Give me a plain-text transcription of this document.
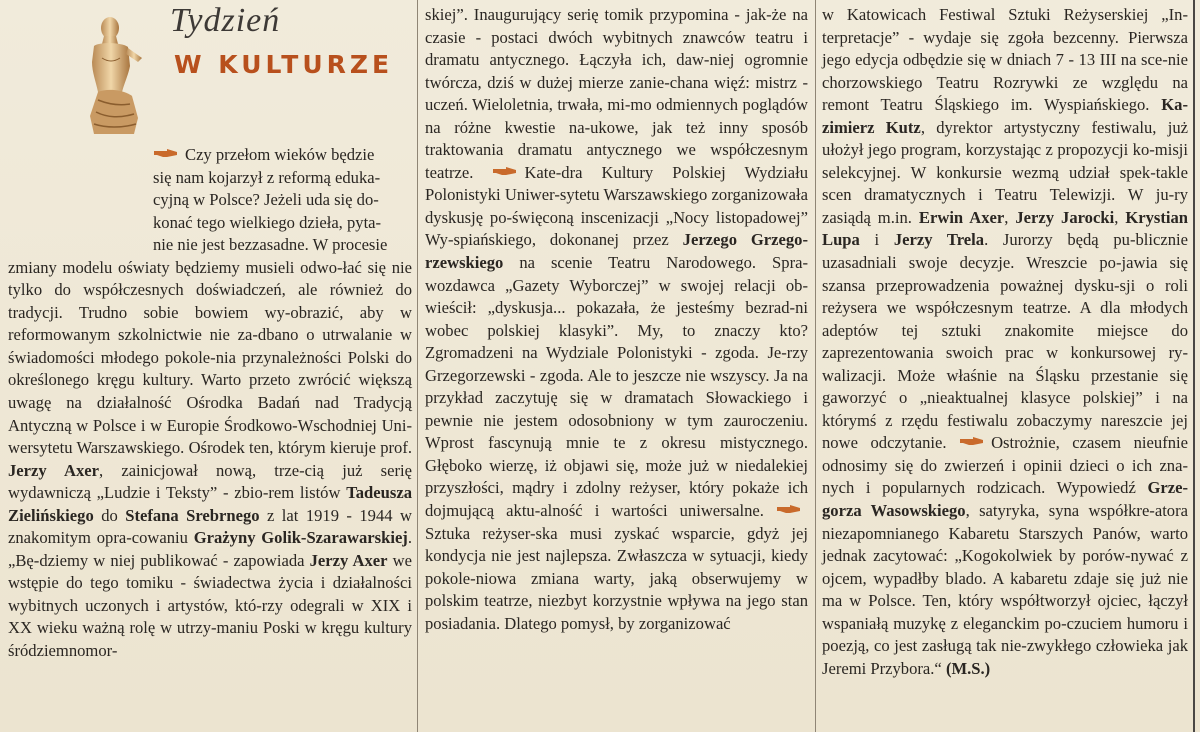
Tydzień
W KULTURZE

Czy przełom wieków będzie

się nam kojarzył z reformą eduka-

cyjną w Polsce? Jeżeli uda się do-

konać tego wielkiego dzieła, pyta-

nie nie jest bezzasadne. W procesie

zmiany modelu oświaty będziemy musieli odwo-łać się nie tylko do współczesnych doświadczeń, ale również do tradycji. Trudno sobie bowiem wy-obrazić, aby w reformowanym szkolnictwie nie za-dbano o utrwalanie w świadomości młodego pokole-nia przynależności Polski do określonego kręgu kultury. Warto przeto zwrócić większą uwagę na działalność Ośrodka Badań nad Tradycją Antyczną w Polsce i w Europie Środkowo-Wschodniej Uni-wersytetu Warszawskiego. Ośrodek ten, którym kieruje prof. Jerzy Axer, zainicjował nową, trze-cią już serię wydawniczą „Ludzie i Teksty” - zbio-rem listów Tadeusza Zielińskiego do Stefana Srebrnego z lat 1919 - 1944 w znakomitym opra-cowaniu Grażyny Golik-Szarawarskiej. „Bę-dziemy w niej publikować - zapowiada Jerzy Axer we wstępie do tego tomiku - świadectwa życia i działalności wybitnych uczonych i artystów, któ-rzy odegrali w XIX i XX wieku ważną rolę w utrzy-maniu Poski w kręgu kultury śródziemnomor-

skiej”. Inaugurujący serię tomik przypomina - jak-że na czasie - postaci dwóch wybitnych znawców teatru i dramatu antycznego. Łączyła ich, daw-niej ogromnie twórcza, dziś w dużej mierze zanie-chana więź: mistrz - uczeń. Wieloletnia, trwała, mi-mo odmiennych poglądów na różne kwestie na-ukowe, jak też inny sposób traktowania dramatu antycznego we współczesnym teatrze.	Kate-dra Kultury Polskiej Wydziału Polonistyki Uniwer-sytetu Warszawskiego zorganizowała dyskusję po-święconą inscenizacji „Nocy listopadowej” Wy-spiańskiego, dokonanej przez Jerzego Grzego-rzewskiego na scenie Teatru Narodowego. Spra-wozdawca „Gazety Wyborczej” w swojej relacji ob-wieścił: „dyskusja... pokazała, że jesteśmy bezrad-ni wobec polskiej klasyki”. My, to znaczy kto? Zgromadzeni na Wydziale Polonistyki - zgoda. Je-rzy Grzegorzewski - zgoda. Ale to jeszcze nie wszyscy. Ja na przykład zaczytuję się w dramatach Słowackiego i pewnie nie jestem odosobniony w tym zauroczeniu. Wprost fascynują mnie te z okresu mistycznego. Głęboko wierzę, iż objawi się, może już w niedalekiej przyszłości, mądry i zdolny reżyser, który pokaże ich dojmującą aktu-alność i wartości uniwersalne. Sztuka reżyser-ska musi zyskać wsparcie, gdyż jej kondycja nie jest najlepsza. Zwłaszcza w sytuacji, kiedy pokole-niowa zmiana warty, jaką obserwujemy w polskim teatrze, niezbyt korzystnie wpływa na jego stan posiadania. Dlatego pomysł, by zorganizować

w Katowicach Festiwal Sztuki Reżyserskiej „In-terpretacje” - wydaje się zgoła bezcenny. Pierwsza jego edycja odbędzie się w dniach 7 - 13 III na sce-nie chorzowskiego Teatru Rozrywki ze względu na remont Teatru Śląskiego im. Wyspiańskiego. Ka-zimierz Kutz, dyrektor artystyczny festiwalu, już ułożył jego program, korzystając z propozycji ko-misji selekcyjnej. W konkursie wezmą udział spek-takle scen dramatycznych i Teatru Telewizji. W ju-ry zasiądą m.in. Erwin Axer, Jerzy Jarocki, Krystian Lupa i Jerzy Trela. Jurorzy będą pu-blicznie uzasadniali swoje decyzje. Wreszcie po-jawia się szansa przeprowadzenia poważnej dysku-sji o roli reżysera we współczesnym teatrze. A dla młodych adeptów tej sztuki znakomite miejsce do zaprezentowania swoich prac w konkursowej ry-walizacji. Może właśnie na Śląsku przestanie się gaworzyć o „nieaktualnej klasyce polskiej” i na którymś z rzędu festiwalu zobaczymy nareszcie jej nowe odczytanie.	Ostrożnie, czasem nieufnie odnosimy się do zwierzeń i opinii dzieci o ich zna-nych i popularnych rodzicach. Wypowiedź Grze-gorza Wasowskiego, satyryka, syna współkre-atora niezapomnianego Kabaretu Starszych Panów, warto jednak zacytować: „Kogokolwiek by porów-nywać z ojcem, wypadłby blado. A kabaretu zdaje się już nie ma w Polsce. Ten, który współtworzył ojciec, łączył wspaniałą muzykę z eleganckim po-czuciem humoru i poezją, co jest zasługą tak nie-zwykłego człowieka jak Jeremi Przybora.“ (M.S.)
